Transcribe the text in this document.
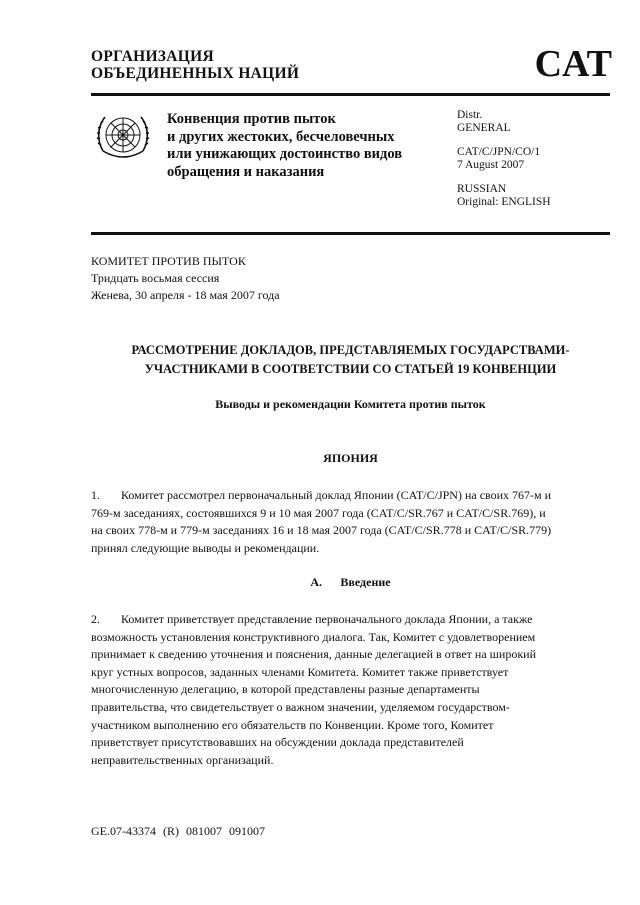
ОРГАНИЗАЦИЯ
ОБЪЕДИНЕННЫХ НАЦИЙ	CAT
Конвенция против пыток
и других жестоких, бесчеловечных
или унижающих достоинство видов
обращения и наказания
Distr.
GENERAL
CAT/C/JPN/CO/1
7 August 2007
RUSSIAN
Original: ENGLISH
КОМИТЕТ ПРОТИВ ПЫТОК
Тридцать восьмая сессия
Женева, 30 апреля - 18 мая 2007 года
РАССМОТРЕНИЕ ДОКЛАДОВ, ПРЕДСТАВЛЯЕМЫХ ГОСУДАРСТВАМИ-
УЧАСТНИКАМИ В СООТВЕТСТВИИ СО СТАТЬЕЙ 19 КОНВЕНЦИИ
Выводы и рекомендации Комитета против пыток
ЯПОНИЯ
1. Комитет рассмотрел первоначальный доклад Японии (CAT/C/JPN) на своих 767-м и
769-м заседаниях, состоявшихся 9 и 10 мая 2007 года (CAT/C/SR.767 и CAT/C/SR.769), и
на своих 778-м и 779-м заседаниях 16 и 18 мая 2007 года (CAT/C/SR.778 и CAT/C/SR.779)
принял следующие выводы и рекомендации.
A. Введение
2. Комитет приветствует представление первоначального доклада Японии, а также
возможность установления конструктивного диалога. Так, Комитет с удовлетворением
принимает к сведению уточнения и пояснения, данные делегацией в ответ на широкий
круг устных вопросов, заданных членами Комитета. Комитет также приветствует
многочисленную делегацию, в которой представлены разные департаменты
правительства, что свидетельствует о важном значении, уделяемом государством-
участником выполнению его обязательств по Конвенции. Кроме того, Комитет
приветствует присутствовавших на обсуждении доклада представителей
неправительственных организаций.
GE.07-43374 (R) 081007 091007
